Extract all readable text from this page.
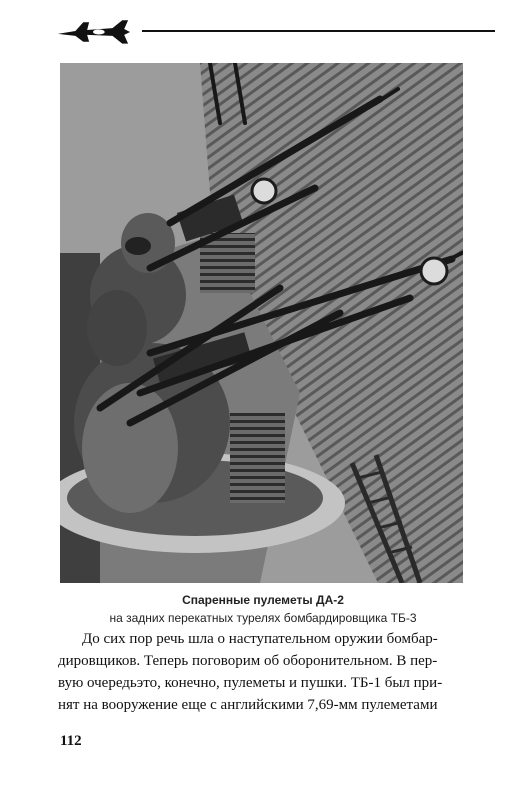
Спаренные пулеметы ДА-2
на задних перекатных турелях бомбардировщика ТБ-3
До сих пор речь шла о наступательном оружии бомбар-
дировщиков. Теперь поговорим об оборонительном. В пер-
вую очередьэто, конечно, пулеметы и пушки. ТБ-1 был при-
нят на вооружение еще с английскими 7,69-мм пулеметами
112
